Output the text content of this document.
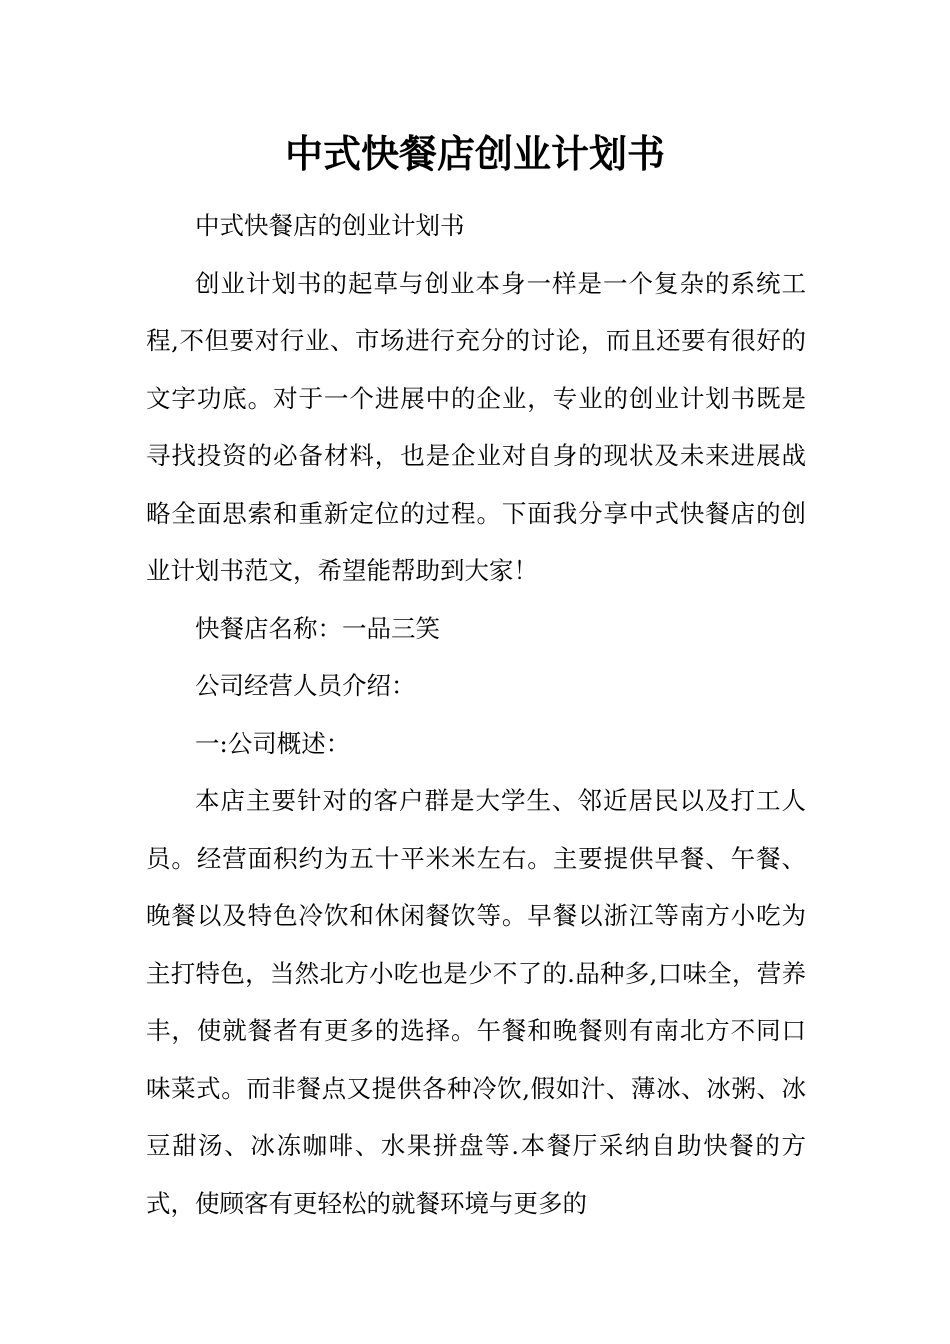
中式快餐店创业计划书

中式快餐店的创业计划书

创业计划书的起草与创业本身一样是一个复杂的系统工程,不但要对行业、市场进行充分的讨论，而且还要有很好的文字功底。对于一个进展中的企业，专业的创业计划书既是寻找投资的必备材料，也是企业对自身的现状及未来进展战略全面思索和重新定位的过程。下面我分享中式快餐店的创业计划书范文，希望能帮助到大家！

快餐店名称：一品三笑

公司经营人员介绍：

一:公司概述：

本店主要针对的客户群是大学生、邻近居民以及打工人员。经营面积约为五十平米米左右。主要提供早餐、午餐、晚餐以及特色冷饮和休闲餐饮等。早餐以浙江等南方小吃为主打特色，当然北方小吃也是少不了的.品种多,口味全，营养丰，使就餐者有更多的选择。午餐和晚餐则有南北方不同口味菜式。而非餐点又提供各种冷饮,假如汁、薄冰、冰粥、冰豆甜汤、冰冻咖啡、水果拼盘等.本餐厅采纳自助快餐的方式，使顾客有更轻松的就餐环境与更多的
